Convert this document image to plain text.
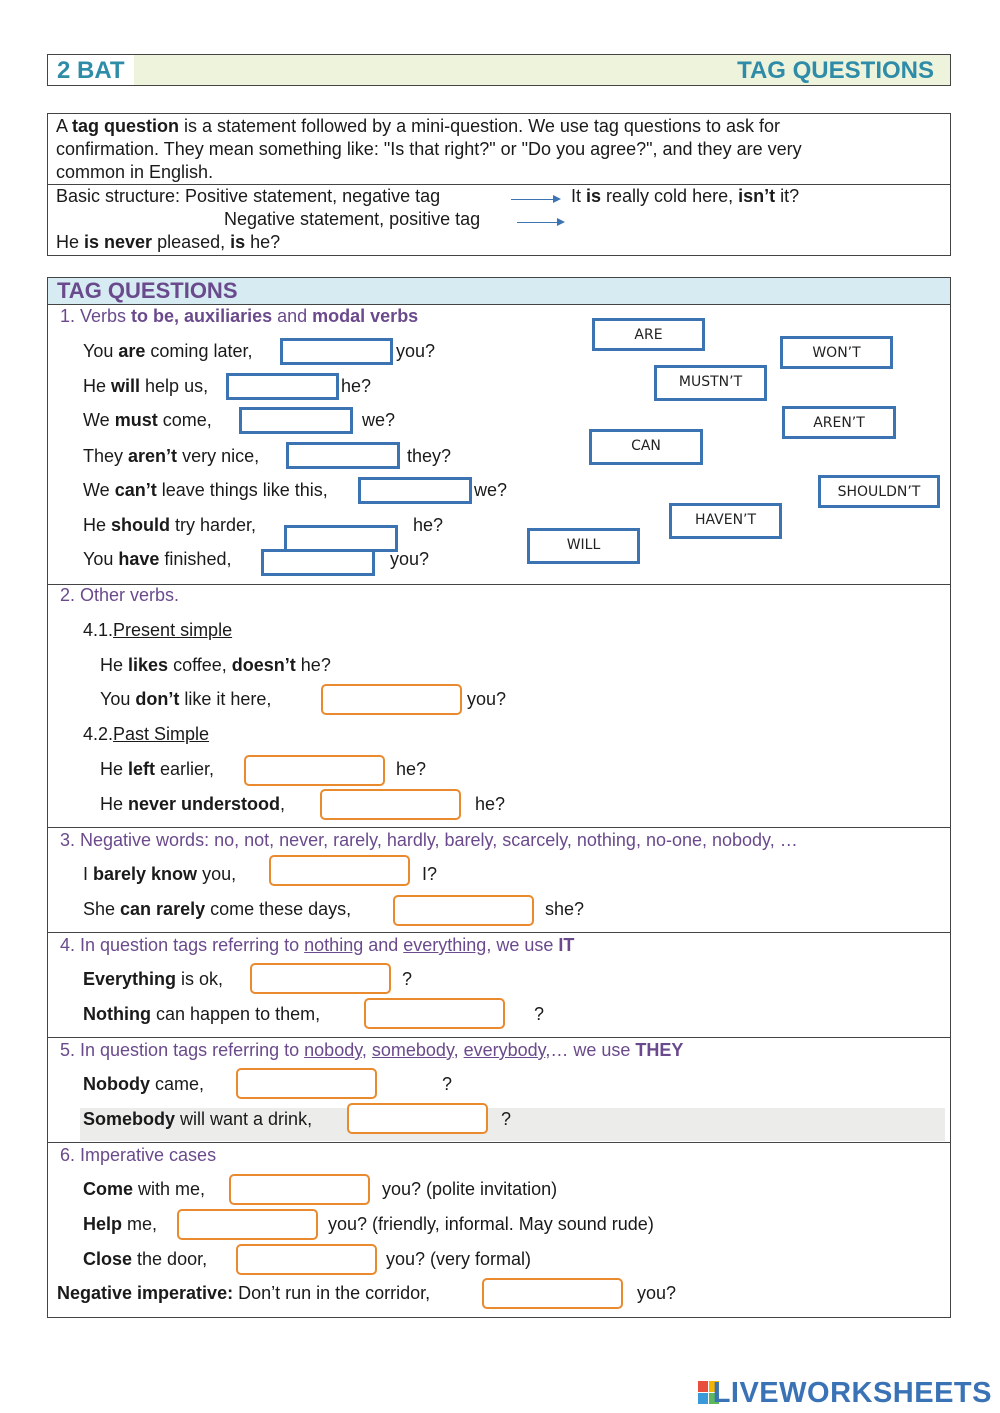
2 BAT	TAG QUESTIONS
A tag question is a statement followed by a mini-question. We use tag questions to ask for
confirmation. They mean something like: "Is that right?" or "Do you agree?", and they are very
common in English.
Basic structure: Positive statement, negative tag	It is really cold here, isn’t it?
Negative statement, positive tag
He is never pleased, is he?
TAG QUESTIONS
1. Verbs to be, auxiliaries and modal verbs
You are coming later,	you?
He will help us,	he?
We must come,	we?
They aren’t very nice,	they?
We can’t leave things like this,	we?
He should try harder,	he?
You have finished,	you?
ARE
WON’T
MUSTN’T
AREN’T
CAN
SHOULDN’T
HAVEN’T
WILL
2. Other verbs.
4.1.Present simple
He likes coffee, doesn’t he?
You don’t like it here,	you?
4.2.Past Simple
He left earlier,	he?
He never understood,	he?
3. Negative words: no, not, never, rarely, hardly, barely, scarcely, nothing, no-one, nobody, …
I barely know you,	I?
She can rarely come these days,	she?
4. In question tags referring to nothing and everything, we use IT
Everything is ok,	?
Nothing can happen to them,	?
5. In question tags referring to nobody, somebody, everybody,… we use THEY
Nobody came,	?
Somebody will want a drink,	?
6. Imperative cases
Come with me,	you? (polite invitation)
Help me,	you? (friendly, informal. May sound rude)
Close the door,	you? (very formal)
Negative imperative: Don’t run in the corridor,	you?
LIVEWORKSHEETS
